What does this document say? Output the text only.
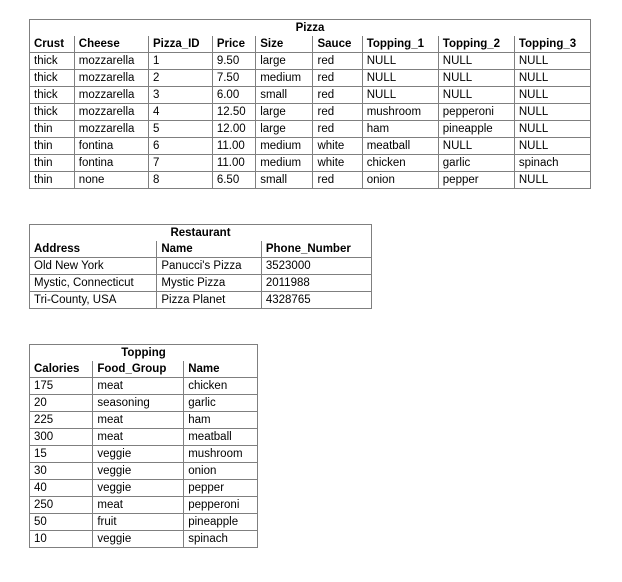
Pizza								
Crust	Cheese	Pizza_ID	Price	Size	Sauce	Topping_1	Topping_2	Topping_3
thick	mozzarella	1	9.50	large	red	NULL	NULL	NULL
thick	mozzarella	2	7.50	medium	red	NULL	NULL	NULL
thick	mozzarella	3	6.00	small	red	NULL	NULL	NULL
thick	mozzarella	4	12.50	large	red	mushroom	pepperoni	NULL
thin	mozzarella	5	12.00	large	red	ham	pineapple	NULL
thin	fontina	6	11.00	medium	white	meatball	NULL	NULL
thin	fontina	7	11.00	medium	white	chicken	garlic	spinach
thin	none	8	6.50	small	red	onion	pepper	NULL
Restaurant		
Address	Name	Phone_Number
Old New York	Panucci's Pizza	3523000
Mystic, Connecticut	Mystic Pizza	2011988
Tri-County, USA	Pizza Planet	4328765
Topping		
Calories	Food_Group	Name
175	meat	chicken
20	seasoning	garlic
225	meat	ham
300	meat	meatball
15	veggie	mushroom
30	veggie	onion
40	veggie	pepper
250	meat	pepperoni
50	fruit	pineapple
10	veggie	spinach
